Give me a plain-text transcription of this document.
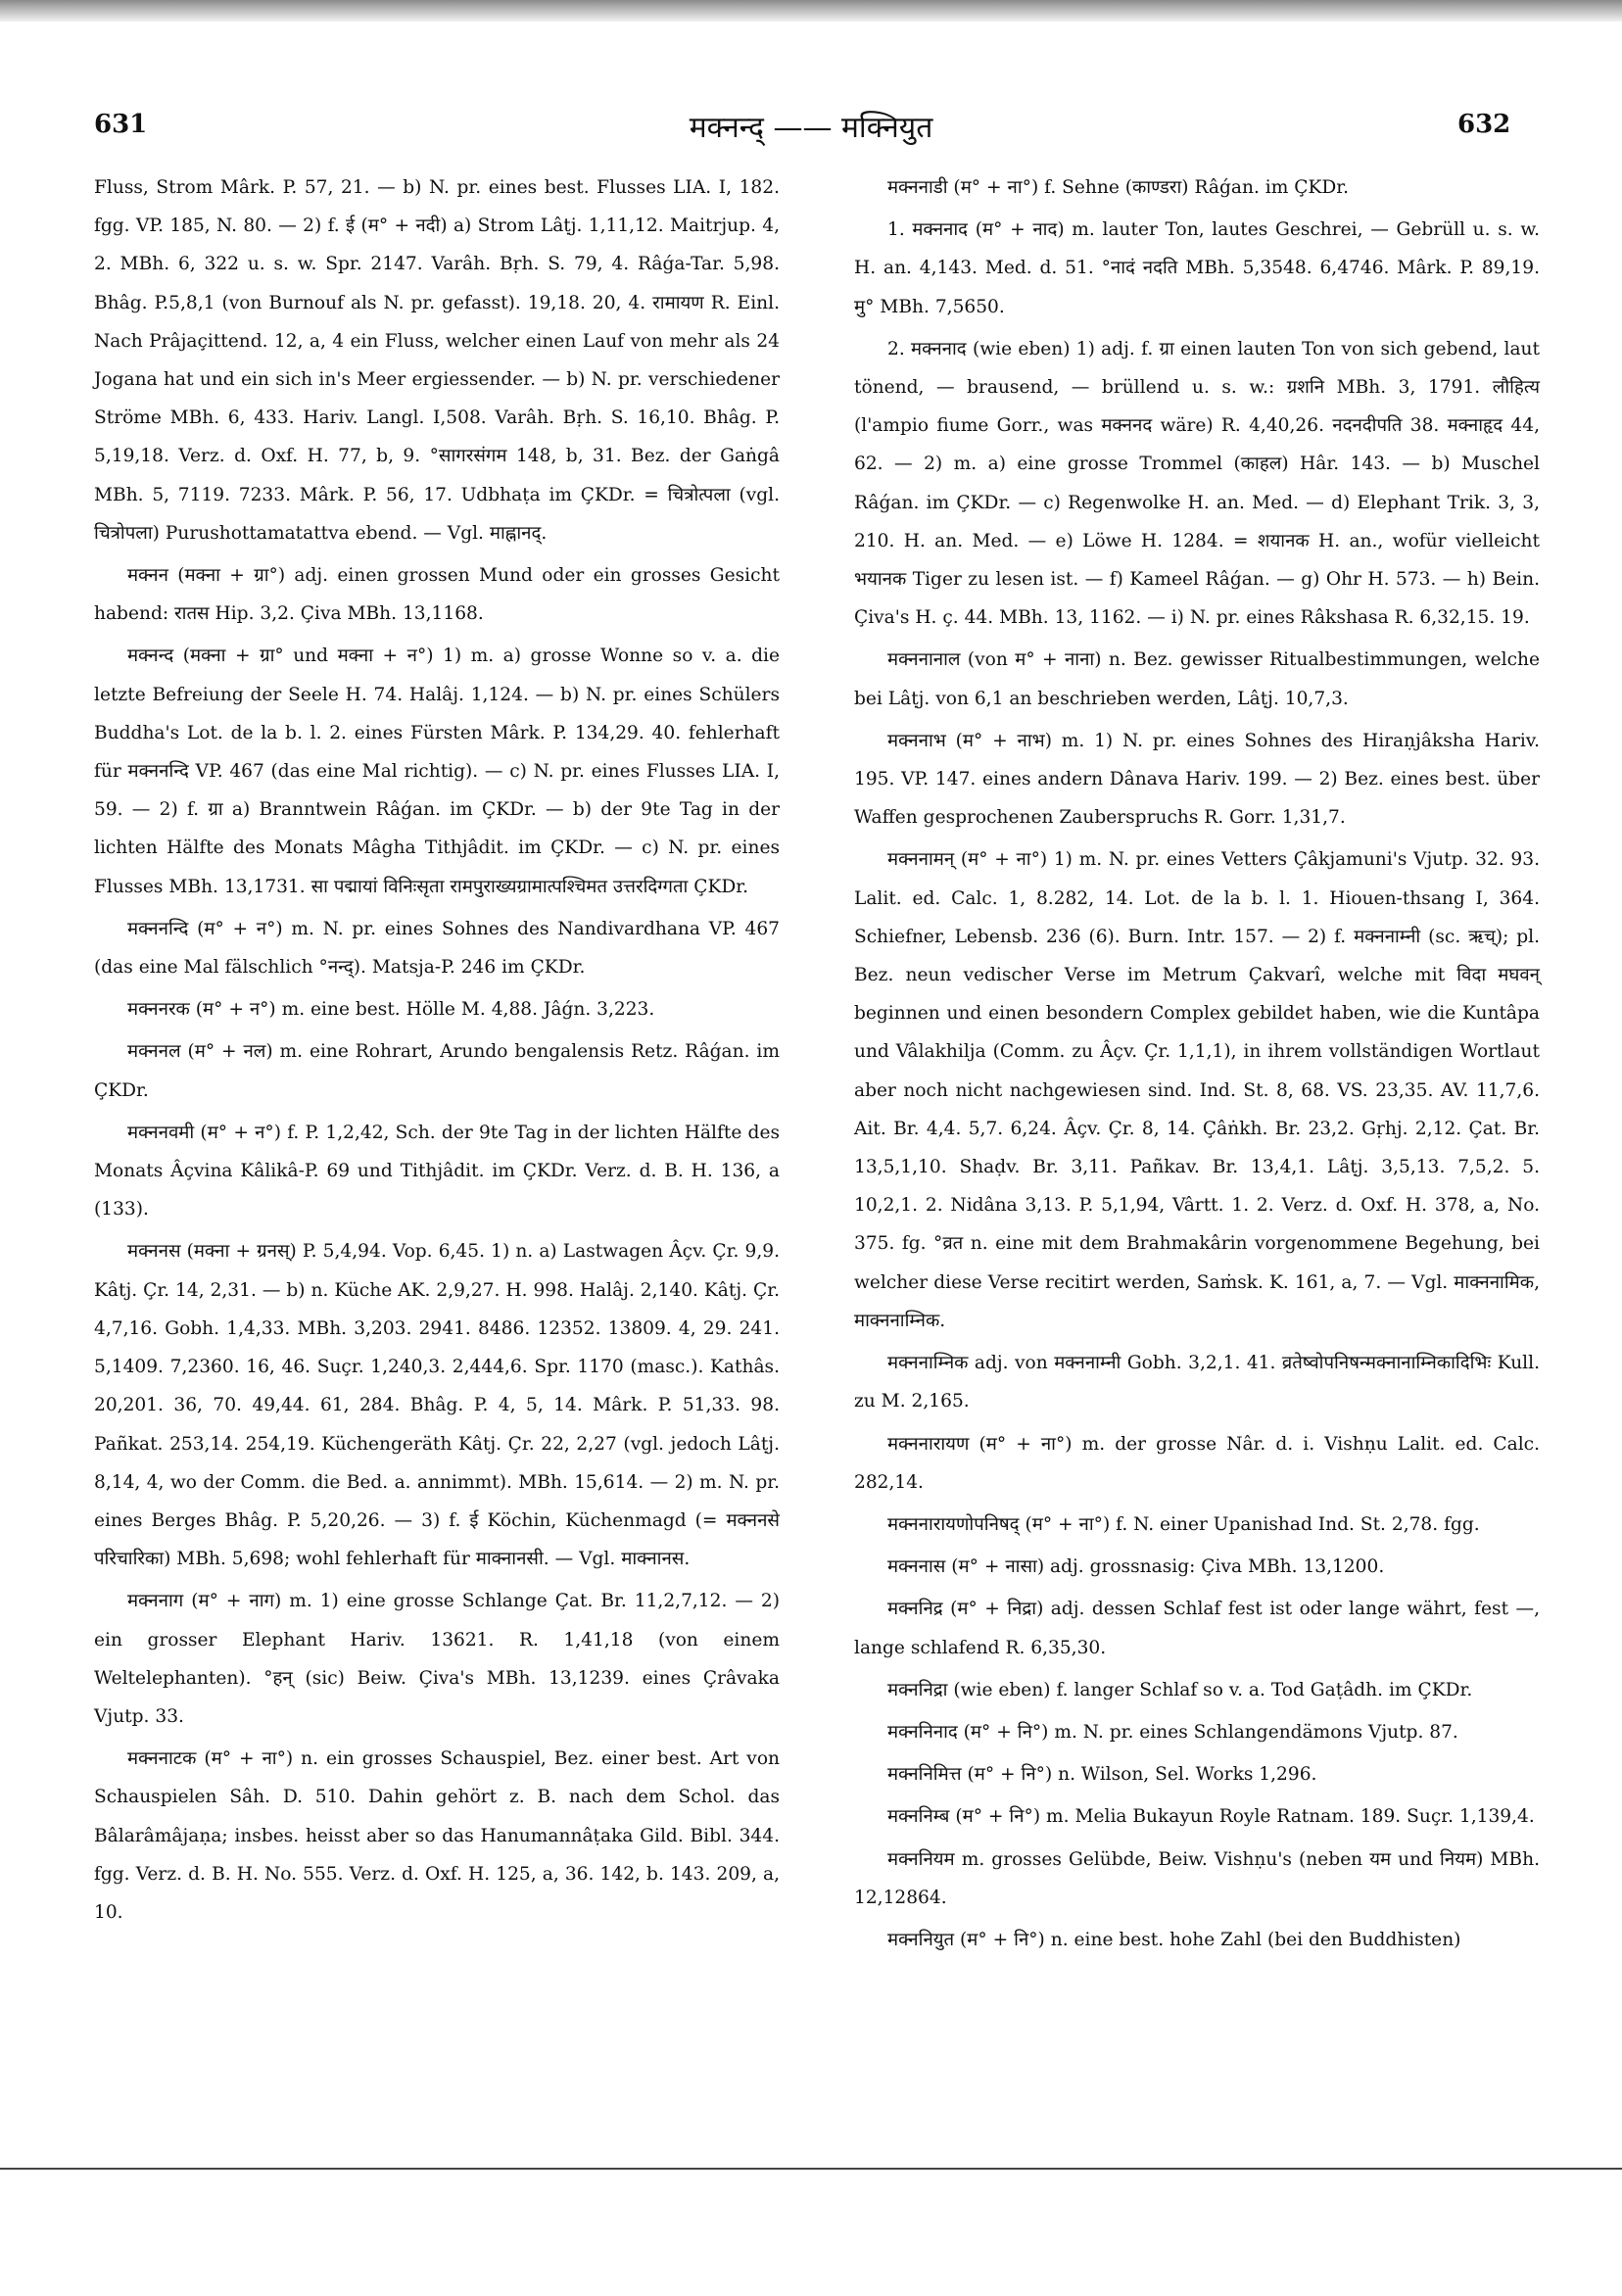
631	मक्नन्द् —— मक्नियुत	632

Fluss, Strom Mârk. P. 57, 21. — b) N. pr. eines best. Flusses LIA. I, 182. fgg. VP. 185, N. 80. — 2) f. ई (म° + नदी) a) Strom Lâṭj. 1,11,12. Maitrjup. 4, 2. MBh. 6, 322 u. s. w. Spr. 2147. Varâh. Bṛh. S. 79, 4. Râǵa-Tar. 5,98. Bhâg. P.5,8,1 (von Burnouf als N. pr. gefasst). 19,18. 20, 4. रामायण R. Einl. Nach Prâjaçittend. 12, a, 4 ein Fluss, welcher einen Lauf von mehr als 24 Jogana hat und ein sich in's Meer ergiessender. — b) N. pr. verschiedener Ströme MBh. 6, 433. Hariv. Langl. I,508. Varâh. Bṛh. S. 16,10. Bhâg. P. 5,19,18. Verz. d. Oxf. H. 77, b, 9. °सागरसंगम 148, b, 31. Bez. der Gaṅgâ MBh. 5, 7119. 7233. Mârk. P. 56, 17. Udbhaṭa im ÇKDr. = चित्रोत्पला (vgl. चित्रोपला) Purushottamatattva ebend. — Vgl. माह्नानद्.

मक्नन (मक्ना + ग्रा°) adj. einen grossen Mund oder ein grosses Gesicht habend: रातस Hip. 3,2. Çiva MBh. 13,1168.

मक्नन्द (मक्ना + ग्रा° und मक्ना + न°) 1) m. a) grosse Wonne so v. a. die letzte Befreiung der Seele H. 74. Halâj. 1,124. — b) N. pr. eines Schülers Buddha's Lot. de la b. l. 2. eines Fürsten Mârk. P. 134,29. 40. fehlerhaft für मक्ननन्दि VP. 467 (das eine Mal richtig). — c) N. pr. eines Flusses LIA. I, 59. — 2) f. ग्रा a) Branntwein Râǵan. im ÇKDr. — b) der 9te Tag in der lichten Hälfte des Monats Mâgha Tithjâdit. im ÇKDr. — c) N. pr. eines Flusses MBh. 13,1731. सा पद्मायां विनिःसृता रामपुराख्यग्रामात्पश्चिमत उत्तरदिग्गता ÇKDr.

मक्ननन्दि (म° + न°) m. N. pr. eines Sohnes des Nandivardhana VP. 467 (das eine Mal fälschlich °नन्द्). Matsja-P. 246 im ÇKDr.

मक्ननरक (म° + न°) m. eine best. Hölle M. 4,88. Jâǵn. 3,223.

मक्ननल (म° + नल) m. eine Rohrart, Arundo bengalensis Retz. Râǵan. im ÇKDr.

मक्ननवमी (म° + न°) f. P. 1,2,42, Sch. der 9te Tag in der lichten Hälfte des Monats Âçvina Kâlikâ-P. 69 und Tithjâdit. im ÇKDr. Verz. d. B. H. 136, a (133).

मक्ननस (मक्ना + ग्रनस्) P. 5,4,94. Vop. 6,45. 1) n. a) Lastwagen Âçv. Çr. 9,9. Kâtj. Çr. 14, 2,31. — b) n. Küche AK. 2,9,27. H. 998. Halâj. 2,140. Kâtj. Çr. 4,7,16. Gobh. 1,4,33. MBh. 3,203. 2941. 8486. 12352. 13809. 4, 29. 241. 5,1409. 7,2360. 16, 46. Suçr. 1,240,3. 2,444,6. Spr. 1170 (masc.). Kathâs. 20,201. 36, 70. 49,44. 61, 284. Bhâg. P. 4, 5, 14. Mârk. P. 51,33. 98. Pañkat. 253,14. 254,19. Küchengeräth Kâtj. Çr. 22, 2,27 (vgl. jedoch Lâṭj. 8,14, 4, wo der Comm. die Bed. a. annimmt). MBh. 15,614. — 2) m. N. pr. eines Berges Bhâg. P. 5,20,26. — 3) f. ई Köchin, Küchenmagd (= मक्ननसे परिचारिका) MBh. 5,698; wohl fehlerhaft für माक्नानसी. — Vgl. माक्नानस.

मक्ननाग (म° + नाग) m. 1) eine grosse Schlange Çat. Br. 11,2,7,12. — 2) ein grosser Elephant Hariv. 13621. R. 1,41,18 (von einem Weltelephanten). °हन् (sic) Beiw. Çiva's MBh. 13,1239. eines Çrâvaka Vjutp. 33.

मक्ननाटक (म° + ना°) n. ein grosses Schauspiel, Bez. einer best. Art von Schauspielen Sâh. D. 510. Dahin gehört z. B. nach dem Schol. das Bâlarâmâjaṇa; insbes. heisst aber so das Hanumannâṭaka Gild. Bibl. 344. fgg. Verz. d. B. H. No. 555. Verz. d. Oxf. H. 125, a, 36. 142, b. 143. 209, a, 10.

मक्ननाडी (म° + ना°) f. Sehne (काण्डरा) Râǵan. im ÇKDr.

1. मक्ननाद (म° + नाद) m. lauter Ton, lautes Geschrei, — Gebrüll u. s. w. H. an. 4,143. Med. d. 51. °नादं नदति MBh. 5,3548. 6,4746. Mârk. P. 89,19. मु° MBh. 7,5650.

2. मक्ननाद (wie eben) 1) adj. f. ग्रा einen lauten Ton von sich gebend, laut tönend, — brausend, — brüllend u. s. w.: ग्रशनि MBh. 3, 1791. लौहित्य (l'ampio fiume Gorr., was मक्ननद wäre) R. 4,40,26. नदनदीपति 38. मक्नाहृद 44, 62. — 2) m. a) eine grosse Trommel (काहल) Hâr. 143. — b) Muschel Râǵan. im ÇKDr. — c) Regenwolke H. an. Med. — d) Elephant Trik. 3, 3, 210. H. an. Med. — e) Löwe H. 1284. = शयानक H. an., wofür vielleicht भयानक Tiger zu lesen ist. — f) Kameel Râǵan. — g) Ohr H. 573. — h) Bein. Çiva's H. ç. 44. MBh. 13, 1162. — i) N. pr. eines Râkshasa R. 6,32,15. 19.

मक्ननानाल (von म° + नाना) n. Bez. gewisser Ritualbestimmungen, welche bei Lâṭj. von 6,1 an beschrieben werden, Lâṭj. 10,7,3.

मक्ननाभ (म° + नाभ) m. 1) N. pr. eines Sohnes des Hiraṇjâksha Hariv. 195. VP. 147. eines andern Dânava Hariv. 199. — 2) Bez. eines best. über Waffen gesprochenen Zauberspruchs R. Gorr. 1,31,7.

मक्ननामन् (म° + ना°) 1) m. N. pr. eines Vetters Çâkjamuni's Vjutp. 32. 93. Lalit. ed. Calc. 1, 8.282, 14. Lot. de la b. l. 1. Hiouen-thsang I, 364. Schiefner, Lebensb. 236 (6). Burn. Intr. 157. — 2) f. मक्ननाम्नी (sc. ऋच्); pl. Bez. neun vedischer Verse im Metrum Çakvarî, welche mit विदा मघवन् beginnen und einen besondern Complex gebildet haben, wie die Kuntâpa und Vâlakhilja (Comm. zu Âçv. Çr. 1,1,1), in ihrem vollständigen Wortlaut aber noch nicht nachgewiesen sind. Ind. St. 8, 68. VS. 23,35. AV. 11,7,6. Ait. Br. 4,4. 5,7. 6,24. Âçv. Çr. 8, 14. Çâṅkh. Br. 23,2. Gṛhj. 2,12. Çat. Br. 13,5,1,10. Shaḍv. Br. 3,11. Pañkav. Br. 13,4,1. Lâṭj. 3,5,13. 7,5,2. 5. 10,2,1. 2. Nidâna 3,13. P. 5,1,94, Vârtt. 1. 2. Verz. d. Oxf. H. 378, a, No. 375. fg. °व्रत n. eine mit dem Brahmakârin vorgenommene Begehung, bei welcher diese Verse recitirt werden, Saṁsk. K. 161, a, 7. — Vgl. माक्ननामिक, माक्ननाम्निक.

मक्ननाम्निक adj. von मक्ननाम्नी Gobh. 3,2,1. 41. व्रतेष्वोपनिषन्मक्नानाम्निकादिभिः Kull. zu M. 2,165.

मक्ननारायण (म° + ना°) m. der grosse Nâr. d. i. Vishṇu Lalit. ed. Calc. 282,14.

मक्ननारायणोपनिषद् (म° + ना°) f. N. einer Upanishad Ind. St. 2,78. fgg.

मक्ननास (म° + नासा) adj. grossnasig: Çiva MBh. 13,1200.

मक्ननिद्र (म° + निद्रा) adj. dessen Schlaf fest ist oder lange währt, fest —, lange schlafend R. 6,35,30.

मक्ननिद्रा (wie eben) f. langer Schlaf so v. a. Tod Gaṭâdh. im ÇKDr.

मक्ननिनाद (म° + नि°) m. N. pr. eines Schlangendämons Vjutp. 87.

मक्ननिमित्त (म° + नि°) n. Wilson, Sel. Works 1,296.

मक्ननिम्ब (म° + नि°) m. Melia Bukayun Royle Ratnam. 189. Suçr. 1,139,4.

मक्ननियम m. grosses Gelübde, Beiw. Vishṇu's (neben यम und नियम) MBh. 12,12864.

मक्ननियुत (म° + नि°) n. eine best. hohe Zahl (bei den Buddhisten)
